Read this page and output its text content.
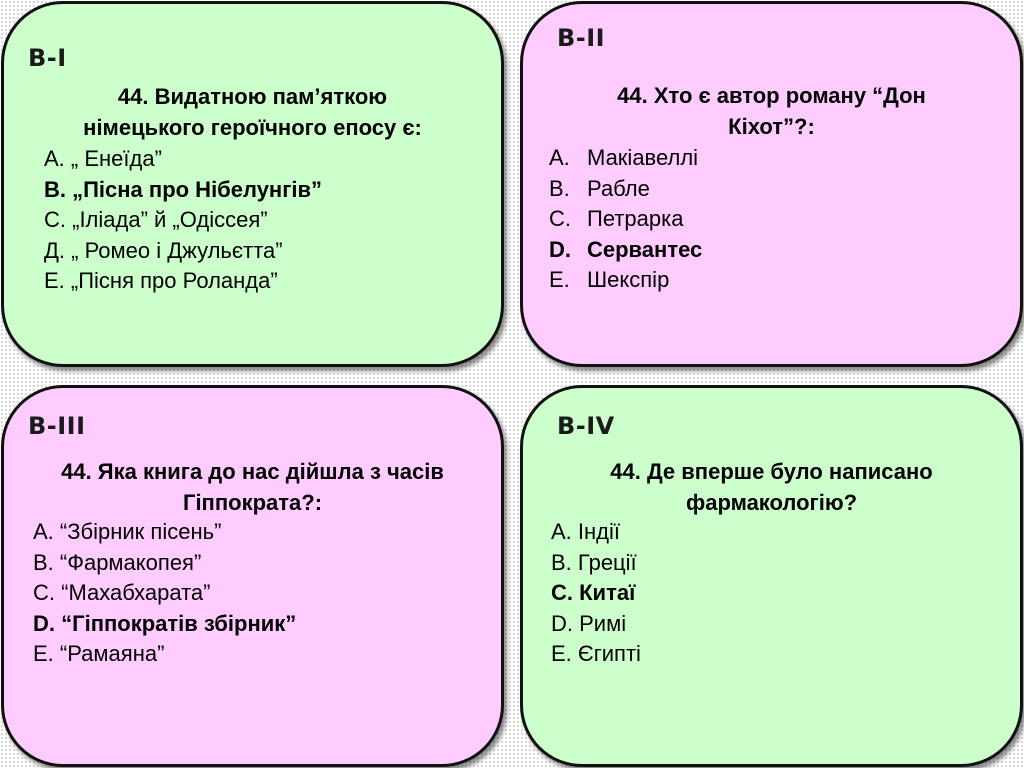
В-І
44. Видатною пам’яткою
німецького героїчного епосу є:
А. „ Енеїда”
В. „Пісна про Нібелунгів”
С. „Іліада” й „Одіссея”
Д. „ Ромео і Джульєтта”
Е. „Пісня про Роланда”
В-ІІ
44. Хто є автор роману “Дон
Кіхот”?:
A. Макіавеллі
B. Рабле
C. Петрарка
D. Сервантес
E. Шекспір
В-ІІІ
44. Яка книга до нас дійшла з часів
Гіппократа?:
А. “Збірник пісень”
В. “Фармакопея”
С. “Махабхарата”
D. “Гіппократів збірник”
Е. “Рамаяна”
В-ІV
44. Де вперше було написано
фармакологію?
А. Індії
В. Греції
С. Китаї
D. Римі
Е. Єгипті
